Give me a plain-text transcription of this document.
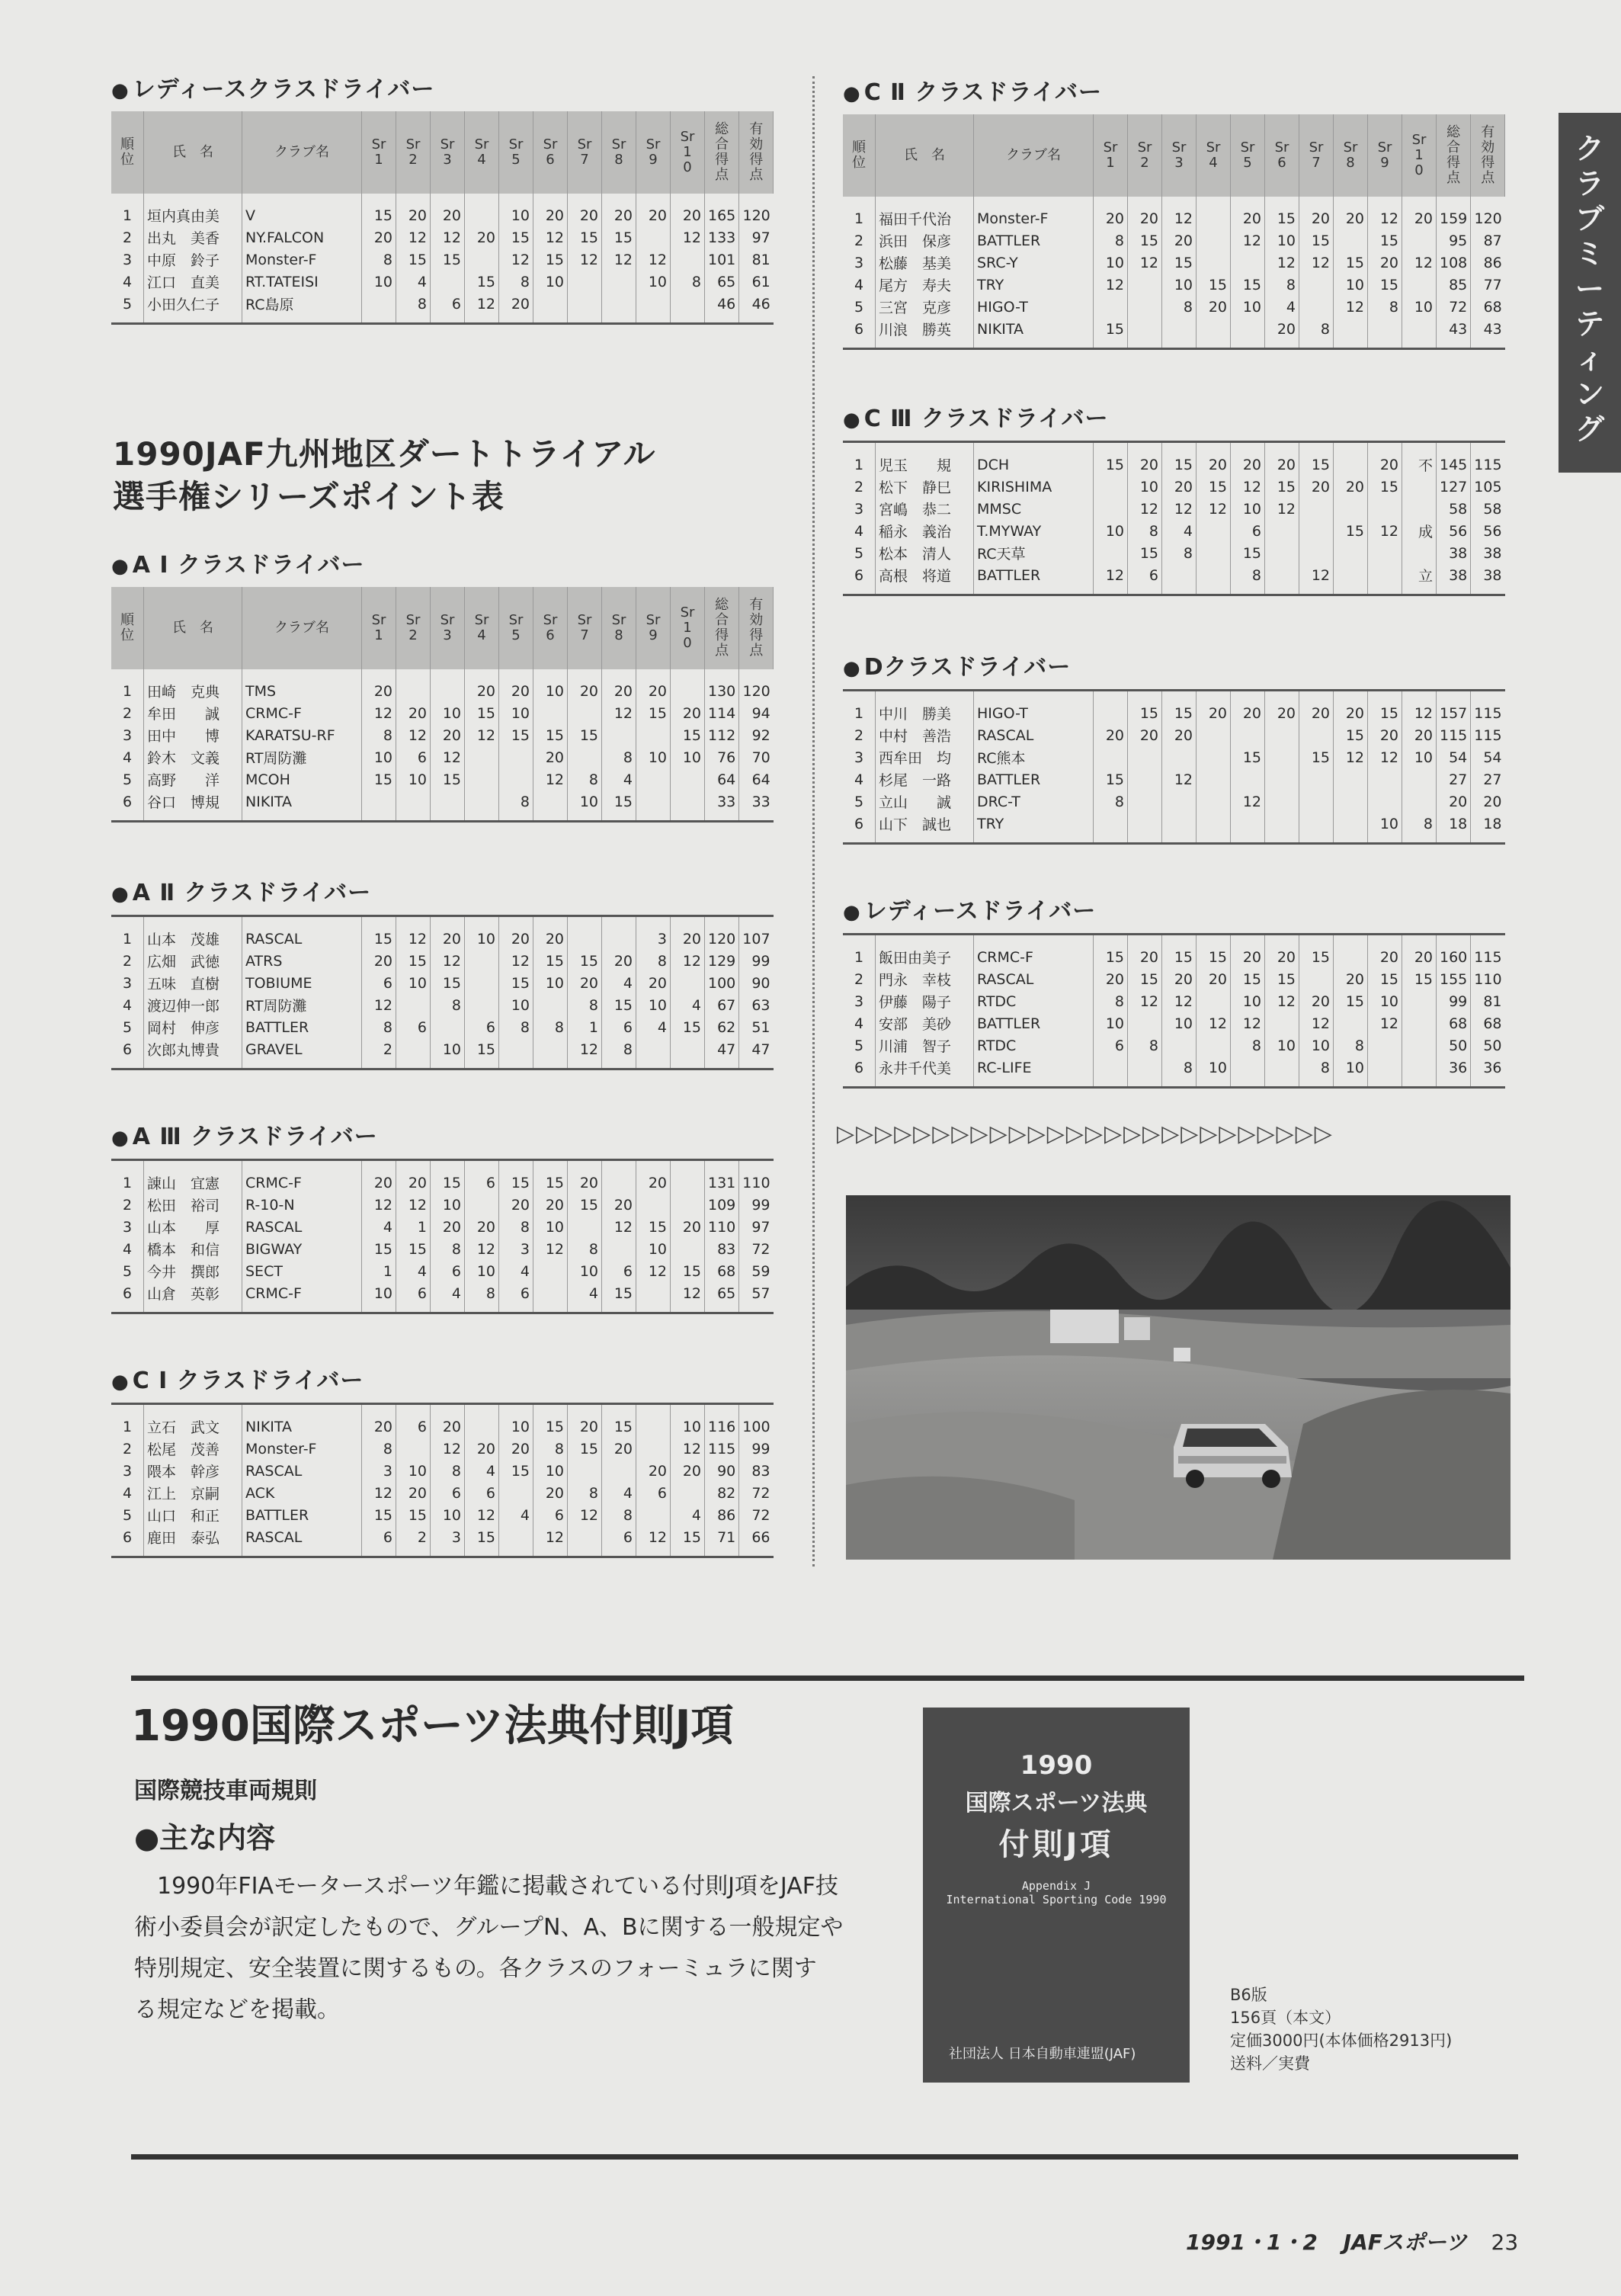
クラブミーティング
● レディースクラスドライバー
順位	氏　名	クラブ名	Sr1	Sr2	Sr3	Sr4	Sr5	Sr6	Sr7	Sr8	Sr9	Sr10	総合得点	有効得点
1	垣内真由美	V	15	20	20		10	20	20	20	20	20	165	120
2	出丸　美香	NY.FALCON	20	12	12	20	15	12	15	15		12	133	97
3	中原　鈴子	Monster-F	8	15	15		12	15	12	12	12		101	81
4	江口　直美	RT.TATEISI	10	4		15	8	10			10	8	65	61
5	小田久仁子	RC島原		8	6	12	20						46	46
1990JAF九州地区ダートトライアル
選手権シリーズポイント表
● A Ⅰ クラスドライバー
順位	氏　名	クラブ名	Sr1	Sr2	Sr3	Sr4	Sr5	Sr6	Sr7	Sr8	Sr9	Sr10	総合得点	有効得点
1	田崎　克典	TMS	20			20	20	10	20	20	20		130	120
2	牟田　　誠	CRMC-F	12	20	10	15	10			12	15	20	114	94
3	田中　　博	KARATSU-RF	8	12	20	12	15	15	15			15	112	92
4	鈴木　文義	RT周防灘	10	6	12			20		8	10	10	76	70
5	高野　　洋	MCOH	15	10	15			12	8	4			64	64
6	谷口　博規	NIKITA					8		10	15			33	33
● A Ⅱ クラスドライバー
1	山本　茂雄	RASCAL	15	12	20	10	20	20			3	20	120	107
2	広畑　武徳	ATRS	20	15	12		12	15	15	20	8	12	129	99
3	五味　直樹	TOBIUME	6	10	15		15	10	20	4	20		100	90
4	渡辺伸一郎	RT周防灘	12		8		10		8	15	10	4	67	63
5	岡村　伸彦	BATTLER	8	6		6	8	8	1	6	4	15	62	51
6	次郎丸博貴	GRAVEL	2		10	15			12	8			47	47
● A Ⅲ クラスドライバー
1	諌山　宜憲	CRMC-F	20	20	15	6	15	15	20		20		131	110
2	松田　裕司	R-10-N	12	12	10		20	20	15	20			109	99
3	山本　　厚	RASCAL	4	1	20	20	8	10		12	15	20	110	97
4	橋本　和信	BIGWAY	15	15	8	12	3	12	8		10		83	72
5	今井　撰郎	SECT	1	4	6	10	4		10	6	12	15	68	59
6	山倉　英彰	CRMC-F	10	6	4	8	6		4	15		12	65	57
● C Ⅰ クラスドライバー
1	立石　武文	NIKITA	20	6	20		10	15	20	15		10	116	100
2	松尾　茂善	Monster-F	8		12	20	20	8	15	20		12	115	99
3	隈本　幹彦	RASCAL	3	10	8	4	15	10			20	20	90	83
4	江上　京嗣	ACK	12	20	6	6		20	8	4	6		82	72
5	山口　和正	BATTLER	15	15	10	12	4	6	12	8		4	86	72
6	鹿田　泰弘	RASCAL	6	2	3	15		12		6	12	15	71	66
● C Ⅱ クラスドライバー
順位	氏　名	クラブ名	Sr1	Sr2	Sr3	Sr4	Sr5	Sr6	Sr7	Sr8	Sr9	Sr10	総合得点	有効得点
1	福田千代治	Monster-F	20	20	12		20	15	20	20	12	20	159	120
2	浜田　保彦	BATTLER	8	15	20		12	10	15		15		95	87
3	松藤　基美	SRC-Y	10	12	15			12	12	15	20	12	108	86
4	尾方　寿夫	TRY	12		10	15	15	8		10	15		85	77
5	三宮　克彦	HIGO-T			8	20	10	4		12	8	10	72	68
6	川浪　勝英	NIKITA	15					20	8				43	43
● C Ⅲ クラスドライバー
1	児玉　　規	DCH	15	20	15	20	20	20	15		20	不	145	115
2	松下　静巳	KIRISHIMA		10	20	15	12	15	20	20	15		127	105
3	宮嶋　恭二	MMSC		12	12	12	10	12					58	58
4	稲永　義治	T.MYWAY	10	8	4		6			15	12	成	56	56
5	松本　清人	RC天草		15	8		15						38	38
6	高根　将道	BATTLER	12	6			8		12			立	38	38
● Dクラスドライバー
1	中川　勝美	HIGO-T		15	15	20	20	20	20	20	15	12	157	115
2	中村　善浩	RASCAL	20	20	20					15	20	20	115	115
3	西牟田　均	RC熊本					15		15	12	12	10	54	54
4	杉尾　一路	BATTLER	15		12								27	27
5	立山　　誠	DRC-T	8				12						20	20
6	山下　誠也	TRY									10	8	18	18
● レディースドライバー
1	飯田由美子	CRMC-F	15	20	15	15	20	20	15		20	20	160	115
2	門永　幸枝	RASCAL	20	15	20	20	15	15		20	15	15	155	110
3	伊藤　陽子	RTDC	8	12	12		10	12	20	15	10		99	81
4	安部　美砂	BATTLER	10		10	12	12		12		12		68	68
5	川浦　智子	RTDC	6	8			8	10	10	8			50	50
6	永井千代美	RC-LIFE			8	10			8	10			36	36
▷▷▷▷▷▷▷▷▷▷▷▷▷▷▷▷▷▷▷▷▷▷▷▷▷▷
1990国際スポーツ法典付則J項
国際競技車両規則
●主な内容
　1990年FIAモータースポーツ年鑑に掲載されている付則J項をJAF技
術小委員会が訳定したもので、グループN、A、Bに関する一般規定や
特別規定、安全装置に関するもの。各クラスのフォーミュラに関す
る規定などを掲載。
1990
国際スポーツ法典
付則J項
Appendix J
International Sporting Code 1990
社団法人 日本自動車連盟(JAF)
B6版
156頁（本文）
定価3000円(本体価格2913円)
送料／実費
1991・1・2 JAFスポーツ 23
